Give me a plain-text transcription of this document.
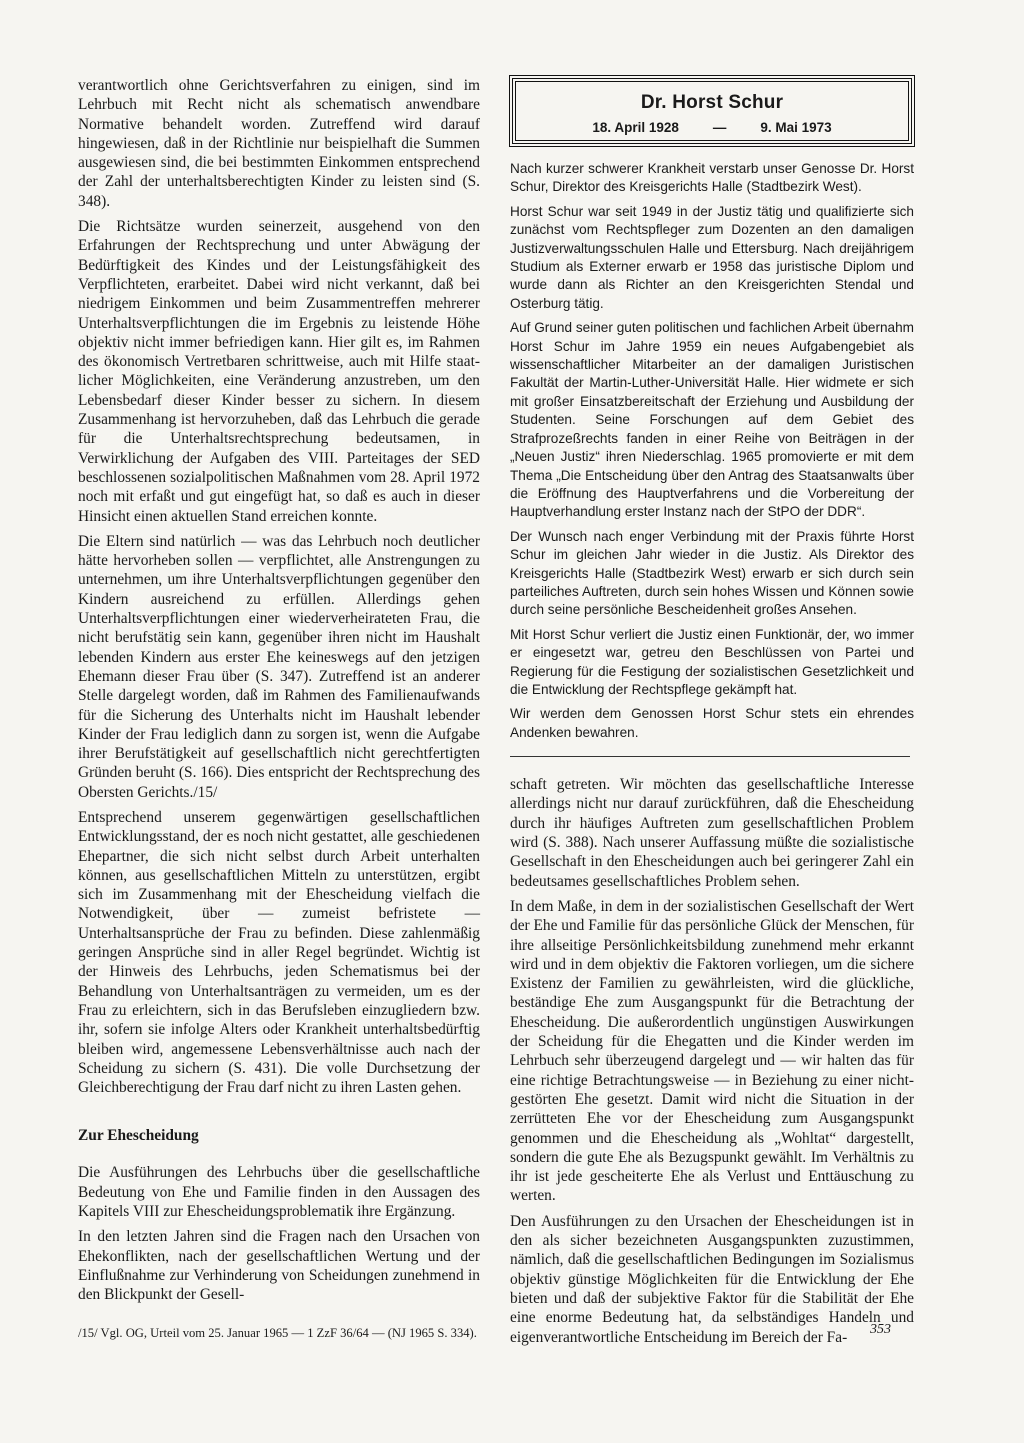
verantwortlich ohne Gerichtsverfahren zu einigen, sind im Lehrbuch mit Recht nicht als schematisch anwendbare Normative behandelt worden. Zutreffend wird darauf hingewiesen, daß in der Richtlinie nur beispielhaft die Summen ausgewiesen sind, die bei bestimmten Einkommen entsprechend der Zahl der unterhaltsberechtigten Kinder zu leisten sind (S. 348).

Die Richtsätze wurden seinerzeit, ausgehend von den Erfahrungen der Rechtsprechung und unter Abwägung der Bedürftigkeit des Kindes und der Leistungsfähigkeit des Verpflichteten, erarbeitet. Dabei wird nicht verkannt, daß bei niedrigem Einkommen und beim Zusammentreffen mehrerer Unterhaltsverpflichtungen die im Ergebnis zu leistende Höhe objektiv nicht immer befriedigen kann. Hier gilt es, im Rahmen des ökonomisch Vertretbaren schrittweise, auch mit Hilfe staatlicher Möglichkeiten, eine Veränderung anzustreben, um den Lebensbedarf dieser Kinder besser zu sichern. In diesem Zusammenhang ist hervorzuheben, daß das Lehrbuch die gerade für die Unterhaltsrechtsprechung bedeutsamen, in Verwirklichung der Aufgaben des VIII. Parteitages der SED beschlossenen sozialpolitischen Maßnahmen vom 28. April 1972 noch mit erfaßt und gut eingefügt hat, so daß es auch in dieser Hinsicht einen aktuellen Stand erreichen konnte.

Die Eltern sind natürlich — was das Lehrbuch noch deutlicher hätte hervorheben sollen — verpflichtet, alle Anstrengungen zu unternehmen, um ihre Unterhaltsverpflichtungen gegenüber den Kindern ausreichend zu erfüllen. Allerdings gehen Unterhaltsverpflichtungen einer wiederverheirateten Frau, die nicht berufstätig sein kann, gegenüber ihren nicht im Haushalt lebenden Kindern aus erster Ehe keineswegs auf den jetzigen Ehemann dieser Frau über (S. 347). Zutreffend ist an anderer Stelle dargelegt worden, daß im Rahmen des Familienaufwands für die Sicherung des Unterhalts nicht im Haushalt lebender Kinder der Frau lediglich dann zu sorgen ist, wenn die Aufgabe ihrer Berufstätigkeit auf gesellschaftlich nicht gerechtfertigten Gründen beruht (S. 166). Dies entspricht der Rechtsprechung des Obersten Gerichts./15/

Entsprechend unserem gegenwärtigen gesellschaftlichen Entwicklungsstand, der es noch nicht gestattet, alle geschiedenen Ehepartner, die sich nicht selbst durch Arbeit unterhalten können, aus gesellschaftlichen Mitteln zu unterstützen, ergibt sich im Zusammenhang mit der Ehescheidung vielfach die Notwendigkeit, über — zumeist befristete — Unterhaltsansprüche der Frau zu befinden. Diese zahlenmäßig geringen Ansprüche sind in aller Regel begründet. Wichtig ist der Hinweis des Lehrbuchs, jeden Schematismus bei der Behandlung von Unterhaltsanträgen zu vermeiden, um es der Frau zu erleichtern, sich in das Berufsleben einzugliedern bzw. ihr, sofern sie infolge Alters oder Krankheit unterhaltsbedürftig bleiben wird, angemessene Lebensverhältnisse auch nach der Scheidung zu sichern (S. 431). Die volle Durchsetzung der Gleichberechtigung der Frau darf nicht zu ihren Lasten gehen.

Zur Ehescheidung

Die Ausführungen des Lehrbuchs über die gesellschaftliche Bedeutung von Ehe und Familie finden in den Aussagen des Kapitels VIII zur Ehescheidungsproblematik ihre Ergänzung.

In den letzten Jahren sind die Fragen nach den Ursachen von Ehekonflikten, nach der gesellschaftlichen Wertung und der Einflußnahme zur Verhinderung von Scheidungen zunehmend in den Blickpunkt der Gesell-

/15/ Vgl. OG, Urteil vom 25. Januar 1965 — 1 ZzF 36/64 — (NJ 1965 S. 334).
Dr. Horst Schur
18. April 1928	—	9. Mai 1973

Nach kurzer schwerer Krankheit verstarb unser Genosse Dr. Horst Schur, Direktor des Kreisgerichts Halle (Stadtbezirk West).

Horst Schur war seit 1949 in der Justiz tätig und qualifizierte sich zunächst vom Rechtspfleger zum Dozenten an den damaligen Justizverwaltungsschulen Halle und Ettersburg. Nach dreijährigem Studium als Externer erwarb er 1958 das juristische Diplom und wurde dann als Richter an den Kreisgerichten Stendal und Osterburg tätig.

Auf Grund seiner guten politischen und fachlichen Arbeit übernahm Horst Schur im Jahre 1959 ein neues Aufgabengebiet als wissenschaftlicher Mitarbeiter an der damaligen Juristischen Fakultät der Martin-Luther-Universität Halle. Hier widmete er sich mit großer Einsatzbereitschaft der Erziehung und Ausbildung der Studenten. Seine Forschungen auf dem Gebiet des Strafprozeßrechts fanden in einer Reihe von Beiträgen in der „Neuen Justiz“ ihren Niederschlag. 1965 promovierte er mit dem Thema „Die Entscheidung über den Antrag des Staatsanwalts über die Eröffnung des Hauptverfahrens und die Vorbereitung der Hauptverhandlung erster Instanz nach der StPO der DDR“.

Der Wunsch nach enger Verbindung mit der Praxis führte Horst Schur im gleichen Jahr wieder in die Justiz. Als Direktor des Kreisgerichts Halle (Stadtbezirk West) erwarb er sich durch sein parteiliches Auftreten, durch sein hohes Wissen und Können sowie durch seine persönliche Bescheidenheit großes Ansehen.

Mit Horst Schur verliert die Justiz einen Funktionär, der, wo immer er eingesetzt war, getreu den Beschlüssen von Partei und Regierung für die Festigung der sozialistischen Gesetzlichkeit und die Entwicklung der Rechtspflege gekämpft hat.

Wir werden dem Genossen Horst Schur stets ein ehrendes Andenken bewahren.

schaft getreten. Wir möchten das gesellschaftliche Interesse allerdings nicht nur darauf zurückführen, daß die Ehescheidung durch ihr häufiges Auftreten zum gesellschaftlichen Problem wird (S. 388). Nach unserer Auffassung müßte die sozialistische Gesellschaft in den Ehescheidungen auch bei geringerer Zahl ein bedeutsames gesellschaftliches Problem sehen.

In dem Maße, in dem in der sozialistischen Gesellschaft der Wert der Ehe und Familie für das persönliche Glück der Menschen, für ihre allseitige Persönlichkeitsbildung zunehmend mehr erkannt wird und in dem objektiv die Faktoren vorliegen, um die sichere Existenz der Familien zu gewährleisten, wird die glückliche, beständige Ehe zum Ausgangspunkt für die Betrachtung der Ehescheidung. Die außerordentlich ungünstigen Auswirkungen der Scheidung für die Ehegatten und die Kinder werden im Lehrbuch sehr überzeugend dargelegt und — wir halten das für eine richtige Betrachtungsweise — in Beziehung zu einer nichtgestörten Ehe gesetzt. Damit wird nicht die Situation in der zerrütteten Ehe vor der Ehescheidung zum Ausgangspunkt genommen und die Ehescheidung als „Wohltat“ dargestellt, sondern die gute Ehe als Bezugspunkt gewählt. Im Verhältnis zu ihr ist jede gescheiterte Ehe als Verlust und Enttäuschung zu werten.

Den Ausführungen zu den Ursachen der Ehescheidungen ist in den als sicher bezeichneten Ausgangspunkten zuzustimmen, nämlich, daß die gesellschaftlichen Bedingungen im Sozialismus objektiv günstige Möglichkeiten für die Entwicklung der Ehe bieten und daß der subjektive Faktor für die Stabilität der Ehe eine enorme Bedeutung hat, da selbständiges Handeln und eigenverantwortliche Entscheidung im Bereich der Fa-	353
